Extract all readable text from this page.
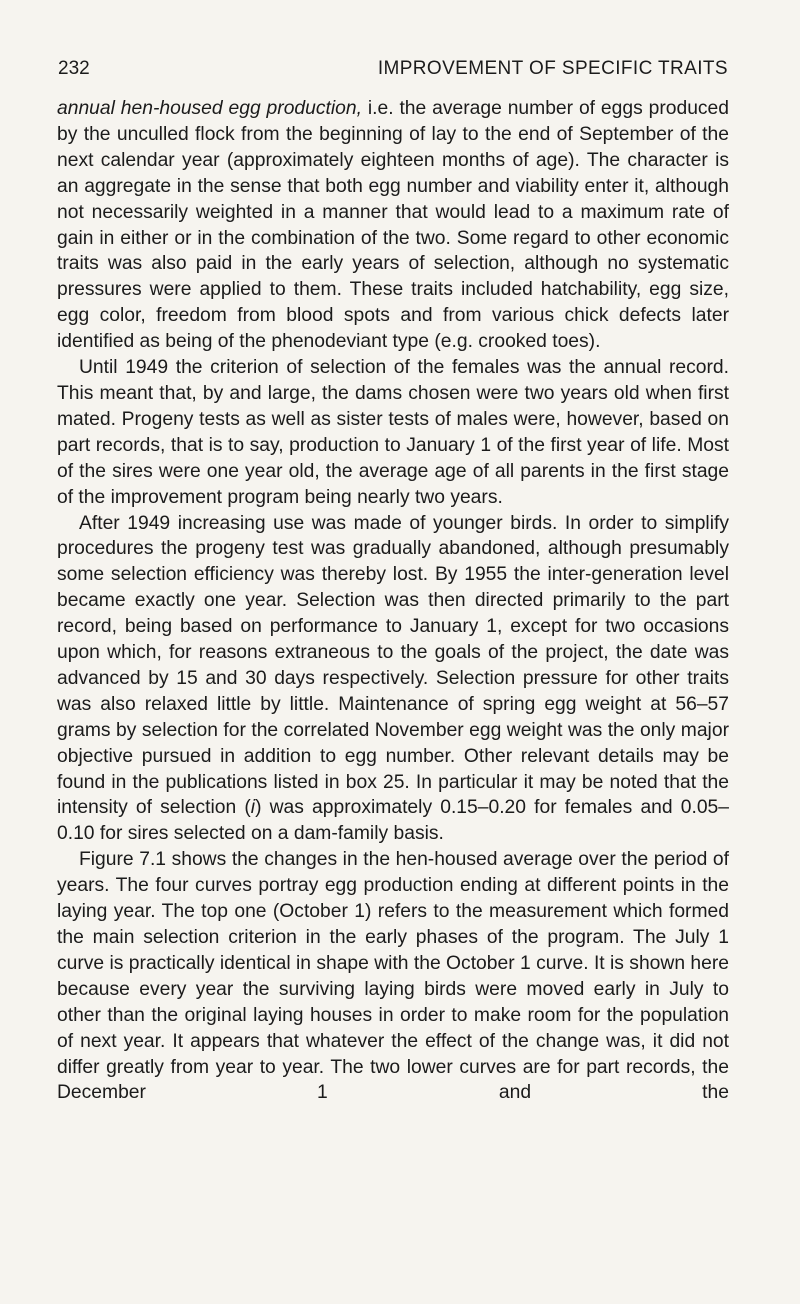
232	IMPROVEMENT OF SPECIFIC TRAITS

annual hen-housed egg production, i.e. the average number of eggs produced by the unculled flock from the beginning of lay to the end of September of the next calendar year (approximately eighteen months of age). The character is an aggregate in the sense that both egg number and viability enter it, although not necessarily weighted in a manner that would lead to a maximum rate of gain in either or in the combination of the two. Some regard to other economic traits was also paid in the early years of selection, although no systematic pressures were applied to them. These traits included hatchability, egg size, egg color, freedom from blood spots and from various chick defects later identified as being of the phenodeviant type (e.g. crooked toes).

Until 1949 the criterion of selection of the females was the annual record. This meant that, by and large, the dams chosen were two years old when first mated. Progeny tests as well as sister tests of males were, however, based on part records, that is to say, production to January 1 of the first year of life. Most of the sires were one year old, the average age of all parents in the first stage of the improvement program being nearly two years.

After 1949 increasing use was made of younger birds. In order to simplify procedures the progeny test was gradually abandoned, although presumably some selection efficiency was thereby lost. By 1955 the inter-generation level became exactly one year. Selection was then directed primarily to the part record, being based on performance to January 1, except for two occasions upon which, for reasons extraneous to the goals of the project, the date was advanced by 15 and 30 days respectively. Selection pressure for other traits was also relaxed little by little. Maintenance of spring egg weight at 56–57 grams by selection for the correlated November egg weight was the only major objective pursued in addition to egg number. Other relevant details may be found in the publications listed in box 25. In particular it may be noted that the intensity of selection (i) was approximately 0.15–0.20 for females and 0.05–0.10 for sires selected on a dam-family basis.

Figure 7.1 shows the changes in the hen-housed average over the period of years. The four curves portray egg production ending at different points in the laying year. The top one (October 1) refers to the measurement which formed the main selection criterion in the early phases of the program. The July 1 curve is practically identical in shape with the October 1 curve. It is shown here because every year the surviving laying birds were moved early in July to other than the original laying houses in order to make room for the population of next year. It appears that whatever the effect of the change was, it did not differ greatly from year to year. The two lower curves are for part records, the December 1 and the
